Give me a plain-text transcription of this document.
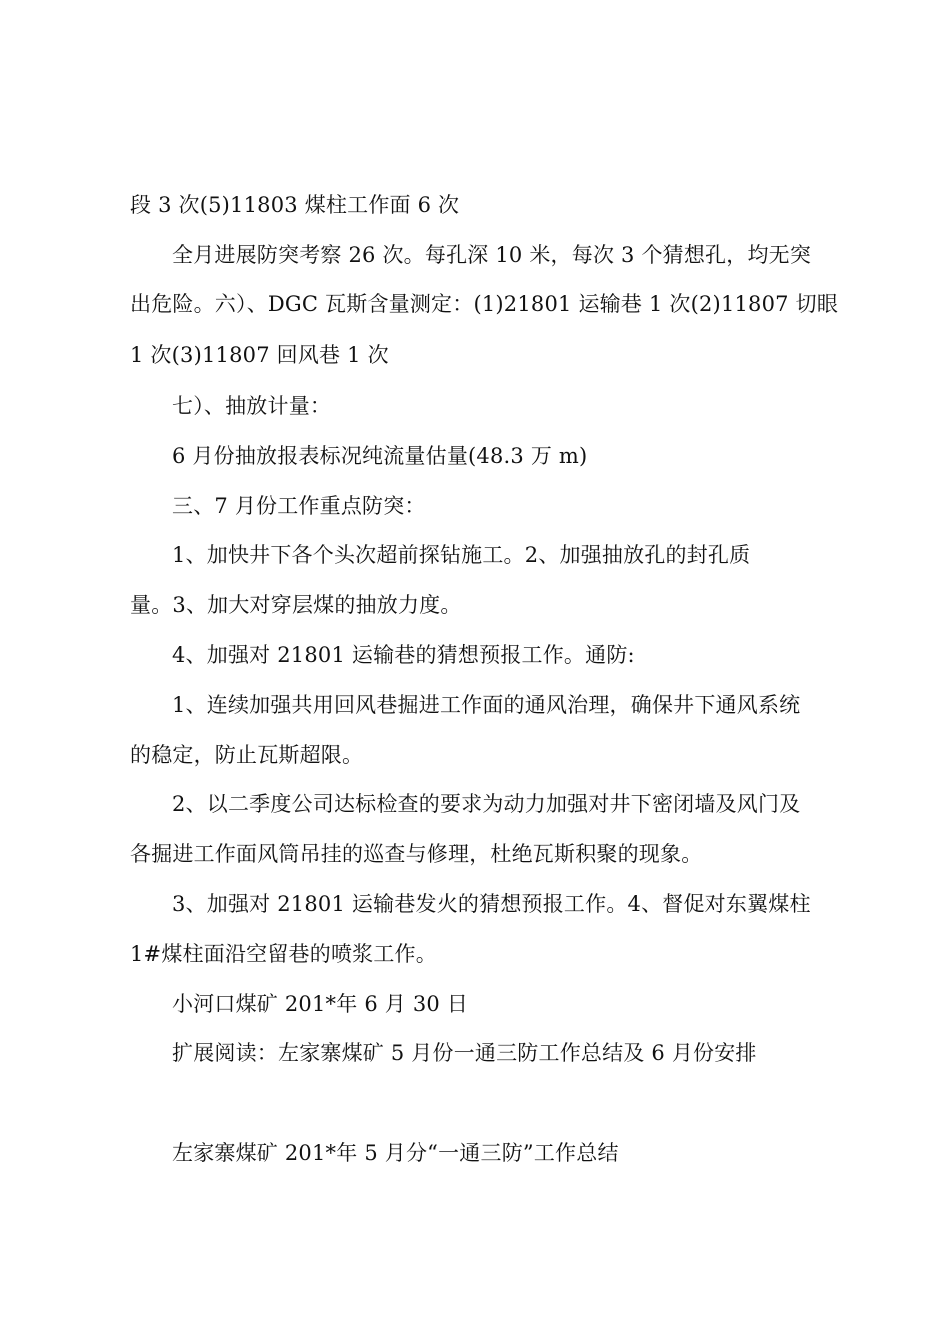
段 3 次(5)11803 煤柱工作面 6 次
全月进展防突考察 26 次。每孔深 10 米，每次 3 个猜想孔，均无突
出危险。六）、DGC 瓦斯含量测定：(1)21801 运输巷 1 次(2)11807 切眼
1 次(3)11807 回风巷 1 次
七）、抽放计量：
6 月份抽放报表标况纯流量估量(48.3 万 m)
三、7 月份工作重点防突：
1、加快井下各个头次超前探钻施工。2、加强抽放孔的封孔质
量。3、加大对穿层煤的抽放力度。
4、加强对 21801 运输巷的猜想预报工作。通防:
1、连续加强共用回风巷掘进工作面的通风治理，确保井下通风系统
的稳定，防止瓦斯超限。
2、以二季度公司达标检查的要求为动力加强对井下密闭墙及风门及
各掘进工作面风筒吊挂的巡查与修理，杜绝瓦斯积聚的现象。
3、加强对 21801 运输巷发火的猜想预报工作。4、督促对东翼煤柱
1#煤柱面沿空留巷的喷浆工作。
小河口煤矿 201*年 6 月 30 日
扩展阅读：左家寨煤矿 5 月份一通三防工作总结及 6 月份安排
左家寨煤矿 201*年 5 月分“一通三防”工作总结
